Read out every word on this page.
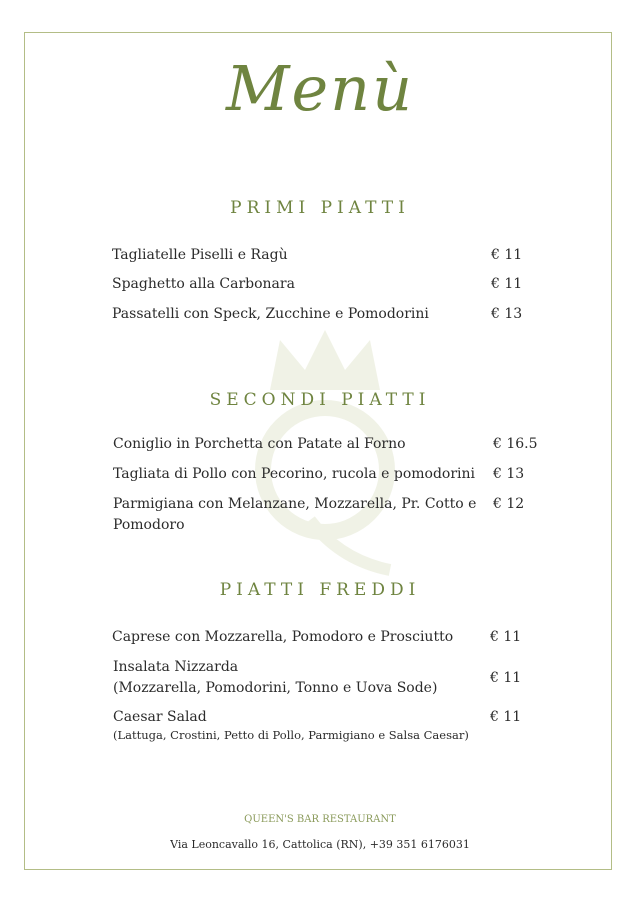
Menù
PRIMI PIATTI
Tagliatelle Piselli e Ragù	€ 11
Spaghetto alla Carbonara	€ 11
Passatelli con Speck, Zucchine e Pomodorini	€ 13
SECONDI PIATTI
Coniglio in Porchetta con Patate al Forno	€ 16.5
Tagliata di Pollo con Pecorino, rucola e pomodorini	€ 13
Parmigiana con Melanzane, Mozzarella, Pr. Cotto e Pomodoro
€ 12
PIATTI FREDDI
Caprese con Mozzarella, Pomodoro e Prosciutto	€ 11
Insalata Nizzarda
(Mozzarella, Pomodorini, Tonno e Uova Sode)
€ 11
Caesar Salad
(Lattuga, Crostini, Petto di Pollo, Parmigiano e Salsa Caesar)
€ 11
QUEEN'S BAR RESTAURANT
Via Leoncavallo 16, Cattolica (RN), +39 351 6176031
